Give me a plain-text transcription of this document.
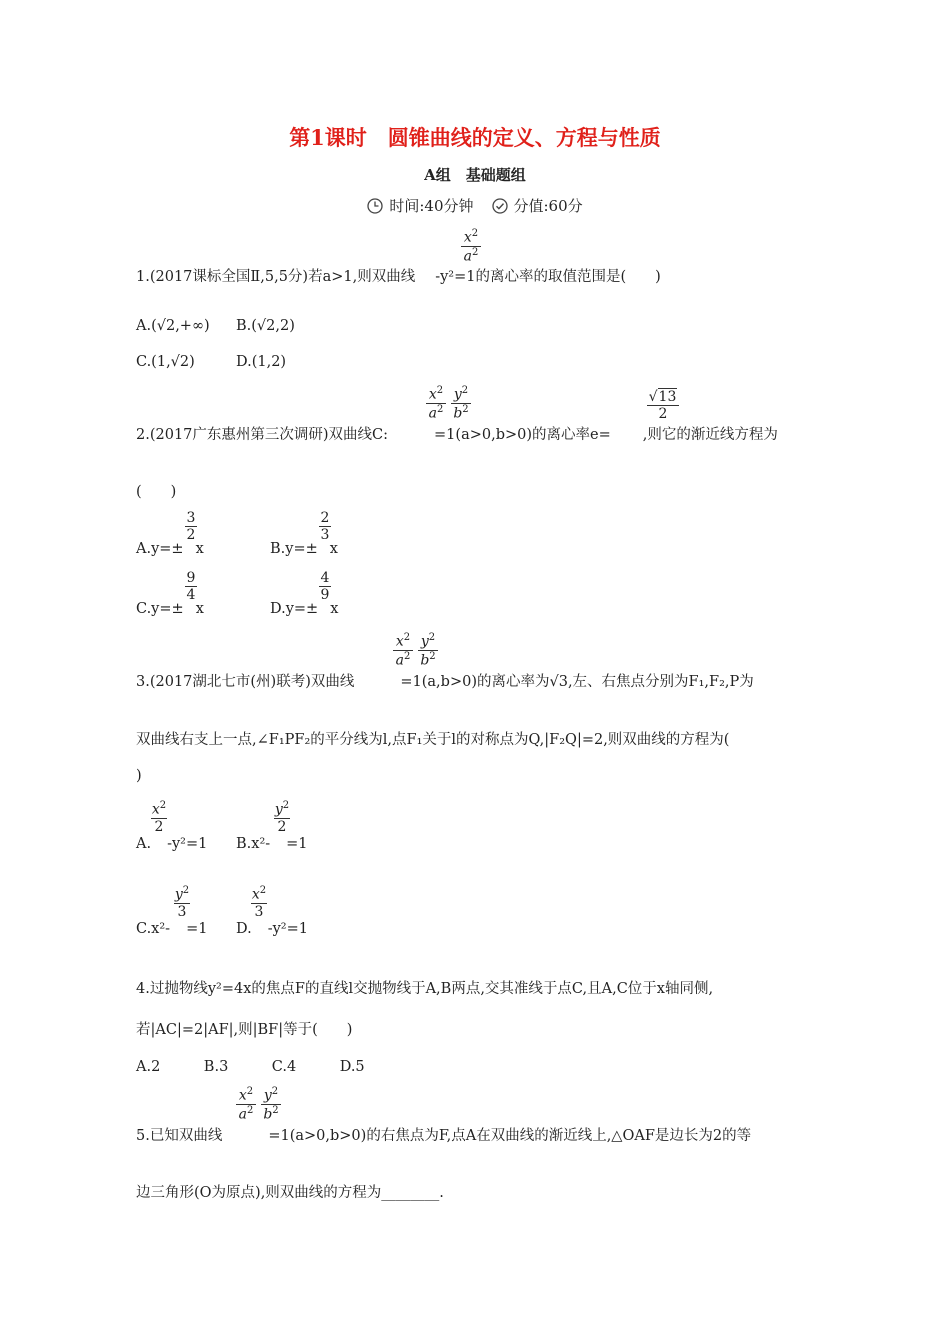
第1课时　圆锥曲线的定义、方程与性质
A组　基础题组
时间:40分钟	分值:60分
1.(2017课标全国Ⅱ,5,5分)若a>1,则双曲线 -y²=1的离心率的取值范围是(　　)
$\frac{x^2}{a^2}$
A.(√2,+∞) B.(√2,2)
C.(1,√2)	D.(1,2)
2.(2017广东惠州第三次调研)双曲线C:	=1(a>0,b>0)的离心率e= ,则它的渐近线方程为
$\frac{x^2}{a^2} \frac{y^2}{b^2}$	$\frac{√13}{2}$
(　　)
A.y=± x
$\frac{3}{2}$
B.y=± x
$\frac{2}{3}$
C.y=± x
$\frac{9}{4}$
D.y=± x
$\frac{4}{9}$
3.(2017湖北七市(州)联考)双曲线	=1(a,b>0)的离心率为√3,左、右焦点分别为F₁,F₂,P为
$\frac{x^2}{a^2} \frac{y^2}{b^2}$
双曲线右支上一点,∠F₁PF₂的平分线为l,点F₁关于l的对称点为Q,|F₂Q|=2,则双曲线的方程为(
)
A. -y²=1
$\frac{x^2}{2}$
B.x²- =1
$\frac{y^2}{2}$
C.x²- =1
$\frac{y^2}{3}$
D. -y²=1
$\frac{x^2}{3}$
4.过抛物线y²=4x的焦点F的直线l交抛物线于A,B两点,交其准线于点C,且A,C位于x轴同侧,
若|AC|=2|AF|,则|BF|等于(　　)
A.2　　　B.3　　　C.4　　　D.5
5.已知双曲线	=1(a>0,b>0)的右焦点为F,点A在双曲线的渐近线上,△OAF是边长为2的等
$\frac{x^2}{a^2} \frac{y^2}{b^2}$
边三角形(O为原点),则双曲线的方程为________.
